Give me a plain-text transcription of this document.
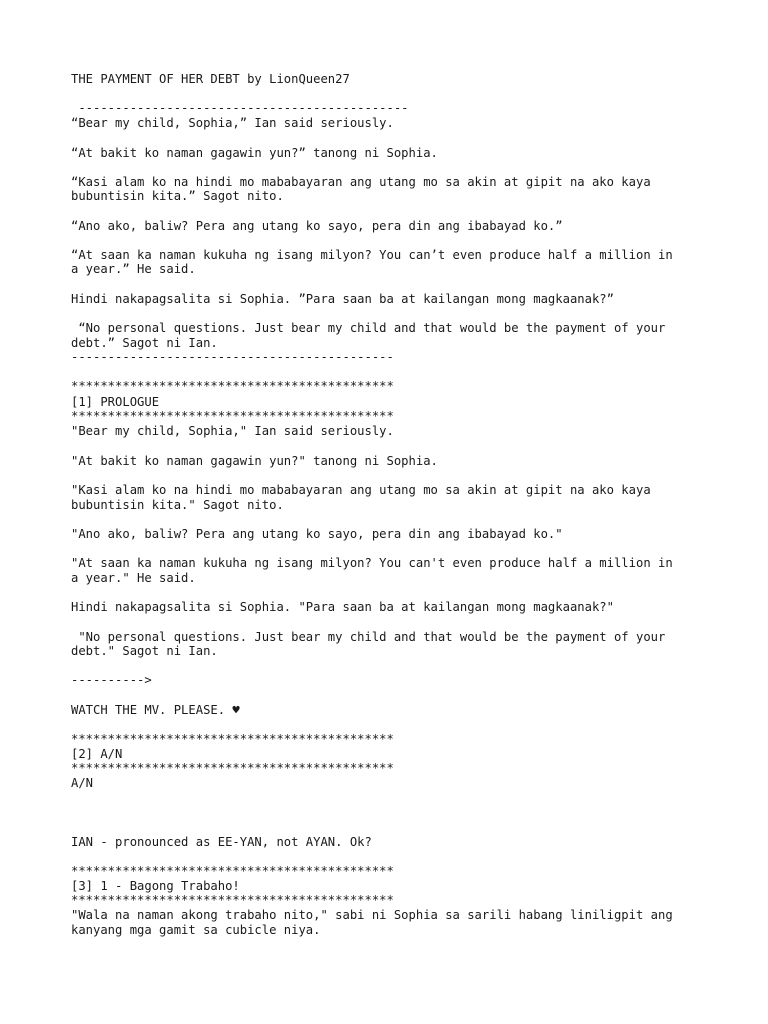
THE PAYMENT OF HER DEBT by LionQueen27
---------------------------------------------
“Bear my child, Sophia,” Ian said seriously.
“At bakit ko naman gagawin yun?” tanong ni Sophia.
“Kasi alam ko na hindi mo mababayaran ang utang mo sa akin at gipit na ako kaya
bubuntisin kita.” Sagot nito.
“Ano ako, baliw? Pera ang utang ko sayo, pera din ang ibabayad ko.”
“At saan ka naman kukuha ng isang milyon? You can’t even produce half a million in
a year.” He said.
Hindi nakapagsalita si Sophia. ”Para saan ba at kailangan mong magkaanak?”
“No personal questions. Just bear my child and that would be the payment of your
debt.” Sagot ni Ian.
--------------------------------------------
********************************************
[1] PROLOGUE
********************************************
"Bear my child, Sophia," Ian said seriously.
"At bakit ko naman gagawin yun?" tanong ni Sophia.
"Kasi alam ko na hindi mo mababayaran ang utang mo sa akin at gipit na ako kaya
bubuntisin kita." Sagot nito.
"Ano ako, baliw? Pera ang utang ko sayo, pera din ang ibabayad ko."
"At saan ka naman kukuha ng isang milyon? You can't even produce half a million in
a year." He said.
Hindi nakapagsalita si Sophia. "Para saan ba at kailangan mong magkaanak?"
"No personal questions. Just bear my child and that would be the payment of your
debt." Sagot ni Ian.
---------->
WATCH THE MV. PLEASE. ♥
********************************************
[2] A/N
********************************************
A/N
IAN - pronounced as EE-YAN, not AYAN. Ok?
********************************************
[3] 1 - Bagong Trabaho!
********************************************
"Wala na naman akong trabaho nito," sabi ni Sophia sa sarili habang liniligpit ang
kanyang mga gamit sa cubicle niya.
